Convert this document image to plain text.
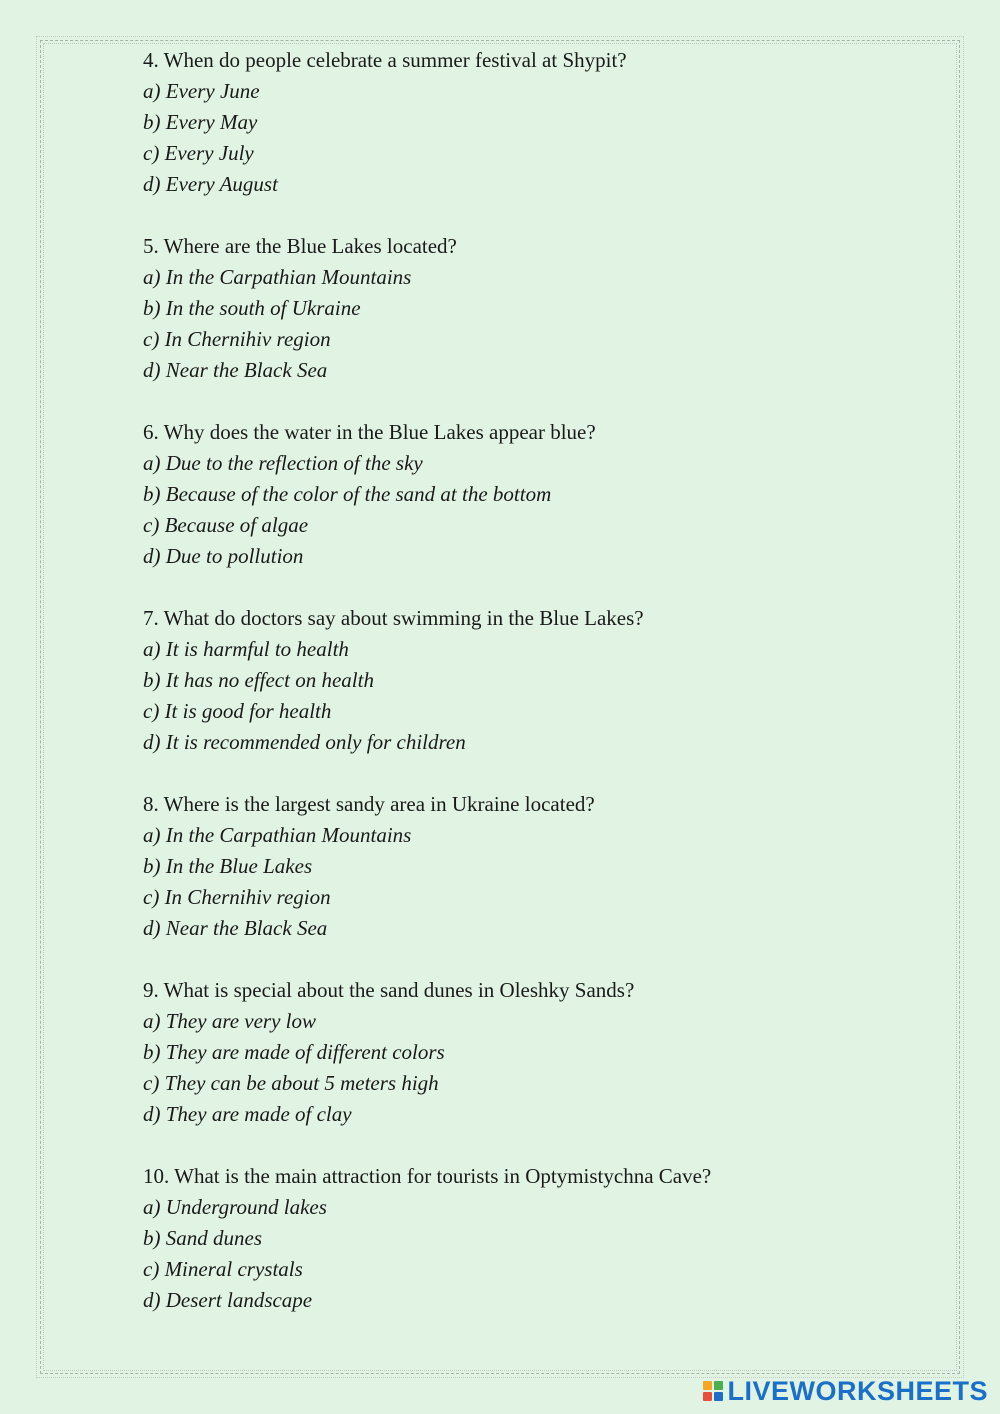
4. When do people celebrate a summer festival at Shypit?
a) Every June
b) Every May
c) Every July
d) Every August
5. Where are the Blue Lakes located?
a) In the Carpathian Mountains
b) In the south of Ukraine
c) In Chernihiv region
d) Near the Black Sea
6. Why does the water in the Blue Lakes appear blue?
a) Due to the reflection of the sky
b) Because of the color of the sand at the bottom
c) Because of algae
d) Due to pollution
7. What do doctors say about swimming in the Blue Lakes?
a) It is harmful to health
b) It has no effect on health
c) It is good for health
d) It is recommended only for children
8. Where is the largest sandy area in Ukraine located?
a) In the Carpathian Mountains
b) In the Blue Lakes
c) In Chernihiv region
d) Near the Black Sea
9. What is special about the sand dunes in Oleshky Sands?
a) They are very low
b) They are made of different colors
c) They can be about 5 meters high
d) They are made of clay
10. What is the main attraction for tourists in Optymistychna Cave?
a) Underground lakes
b) Sand dunes
c) Mineral crystals
d) Desert landscape
LIVEWORKSHEETS
